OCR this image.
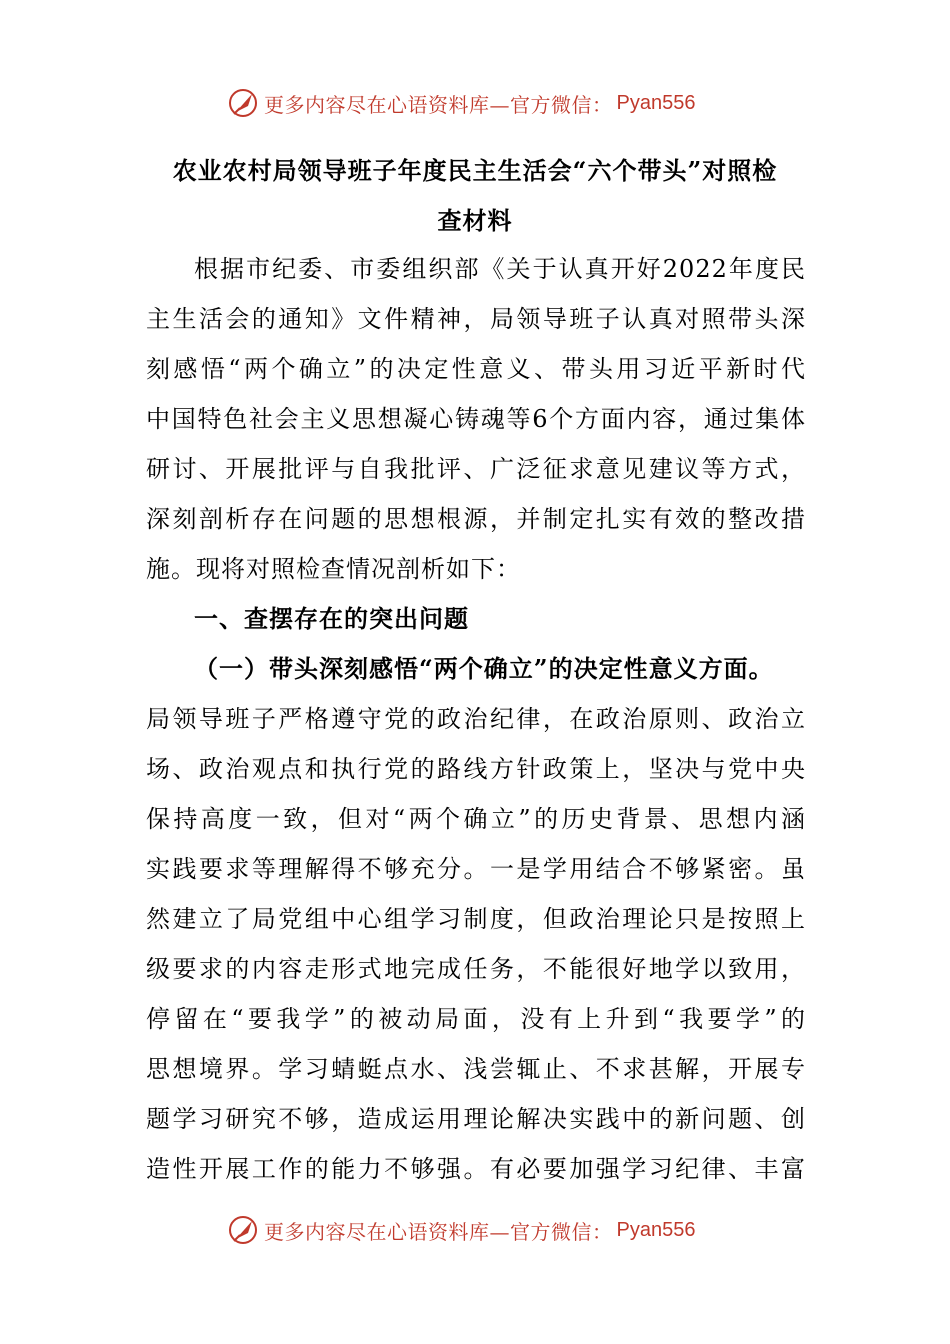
更多内容尽在心语资料库—官方微信： Pyan556
农业农村局领导班子年度民主生活会“六个带头”对照检
查材料
根据市纪委、市委组织部《关于认真开好2022年度民
主生活会的通知》文件精神，局领导班子认真对照带头深
刻感悟“两个确立”的决定性意义、带头用习近平新时代
中国特色社会主义思想凝心铸魂等6个方面内容，通过集体
研讨、开展批评与自我批评、广泛征求意见建议等方式，
深刻剖析存在问题的思想根源，并制定扎实有效的整改措
施。现将对照检查情况剖析如下：
一、查摆存在的突出问题
（一）带头深刻感悟“两个确立”的决定性意义方面。
局领导班子严格遵守党的政治纪律，在政治原则、政治立
场、政治观点和执行党的路线方针政策上，坚决与党中央
保持高度一致，但对“两个确立”的历史背景、思想内涵
实践要求等理解得不够充分。一是学用结合不够紧密。虽
然建立了局党组中心组学习制度，但政治理论只是按照上
级要求的内容走形式地完成任务，不能很好地学以致用，
停留在“要我学”的被动局面，没有上升到“我要学”的
思想境界。学习蜻蜓点水、浅尝辄止、不求甚解，开展专
题学习研究不够，造成运用理论解决实践中的新问题、创
造性开展工作的能力不够强。有必要加强学习纪律、丰富
更多内容尽在心语资料库—官方微信： Pyan556
